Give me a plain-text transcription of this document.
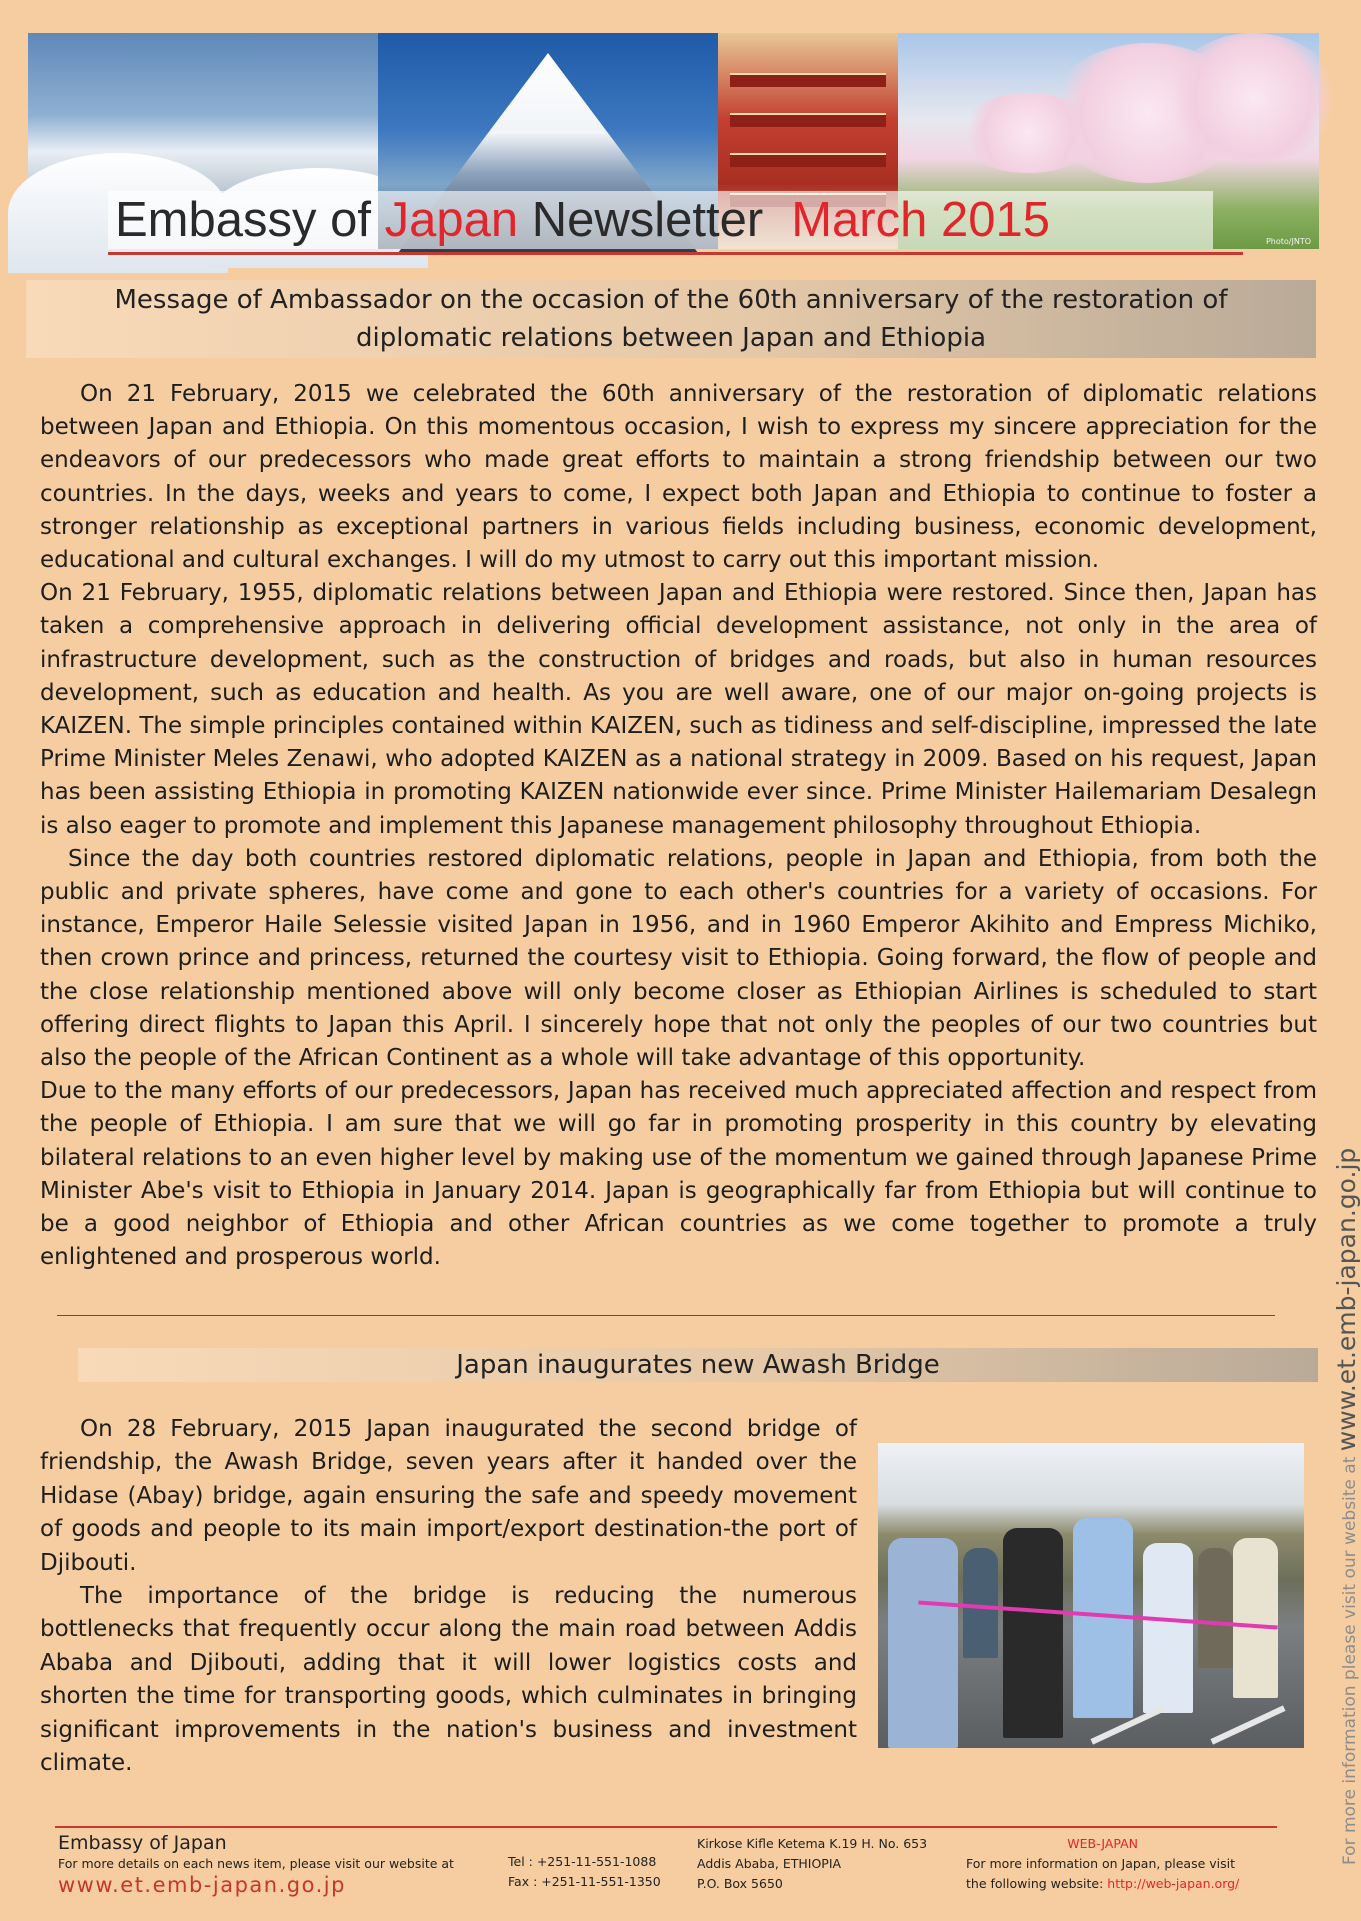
Photo/JNTO
Embassy of Japan Newsletter March 2015
Message of Ambassador on the occasion of the 60th anniversary of the restoration of
diplomatic relations between Japan and Ethiopia

On 21 February, 2015 we celebrated the 60th anniversary of the restoration of diplomatic relations between Japan and Ethiopia. On this momentous occasion, I wish to express my sincere appreciation for the endeavors of our predecessors who made great efforts to maintain a strong friendship between our two countries. In the days, weeks and years to come, I expect both Japan and Ethiopia to continue to foster a stronger relationship as exceptional partners in various fields including business, economic development, educational and cultural exchanges. I will do my utmost to carry out this important mission.

On 21 February, 1955, diplomatic relations between Japan and Ethiopia were restored. Since then, Japan has taken a comprehensive approach in delivering official development assistance, not only in the area of infrastructure development, such as the construction of bridges and roads, but also in human resources development, such as education and health. As you are well aware, one of our major on-going projects is KAIZEN. The simple principles contained within KAIZEN, such as tidiness and self-discipline, impressed the late Prime Minister Meles Zenawi, who adopted KAIZEN as a national strategy in 2009. Based on his request, Japan has been assisting Ethiopia in promoting KAIZEN nationwide ever since. Prime Minister Hailemariam Desalegn is also eager to promote and implement this Japanese management philosophy throughout Ethiopia.

Since the day both countries restored diplomatic relations, people in Japan and Ethiopia, from both the public and private spheres, have come and gone to each other's countries for a variety of occasions. For instance, Emperor Haile Selessie visited Japan in 1956, and in 1960 Emperor Akihito and Empress Michiko, then crown prince and princess, returned the courtesy visit to Ethiopia. Going forward, the flow of people and the close relationship mentioned above will only become closer as Ethiopian Airlines is scheduled to start offering direct flights to Japan this April. I sincerely hope that not only the peoples of our two countries but also the people of the African Continent as a whole will take advantage of this opportunity.

Due to the many efforts of our predecessors, Japan has received much appreciated affection and respect from the people of Ethiopia. I am sure that we will go far in promoting prosperity in this country by elevating bilateral relations to an even higher level by making use of the momentum we gained through Japanese Prime Minister Abe's visit to Ethiopia in January 2014. Japan is geographically far from Ethiopia but will continue to be a good neighbor of Ethiopia and other African countries as we come together to promote a truly enlightened and prosperous world.

Japan inaugurates new Awash Bridge

On 28 February, 2015 Japan inaugurated the second bridge of friendship, the Awash Bridge, seven years after it handed over the Hidase (Abay) bridge, again ensuring the safe and speedy movement of goods and people to its main import/export destination-the port of Djibouti.

The importance of the bridge is reducing the numerous bottlenecks that frequently occur along the main road between Addis Ababa and Djibouti, adding that it will lower logistics costs and shorten the time for transporting goods, which culminates in bringing significant improvements in the nation's business and investment climate.	For more information please visit our website at www.et.emb-japan.go.jp
Embassy of Japan
For more details on each news item, please visit our website at
www.et.emb-japan.go.jp
Tel : +251-11-551-1088
Fax : +251-11-551-1350
Kirkose Kifle Ketema K.19 H. No. 653
Addis Ababa, ETHIOPIA
P.O. Box 5650
WEB-JAPAN
For more information on Japan, please visit
the following website: http://web-japan.org/
